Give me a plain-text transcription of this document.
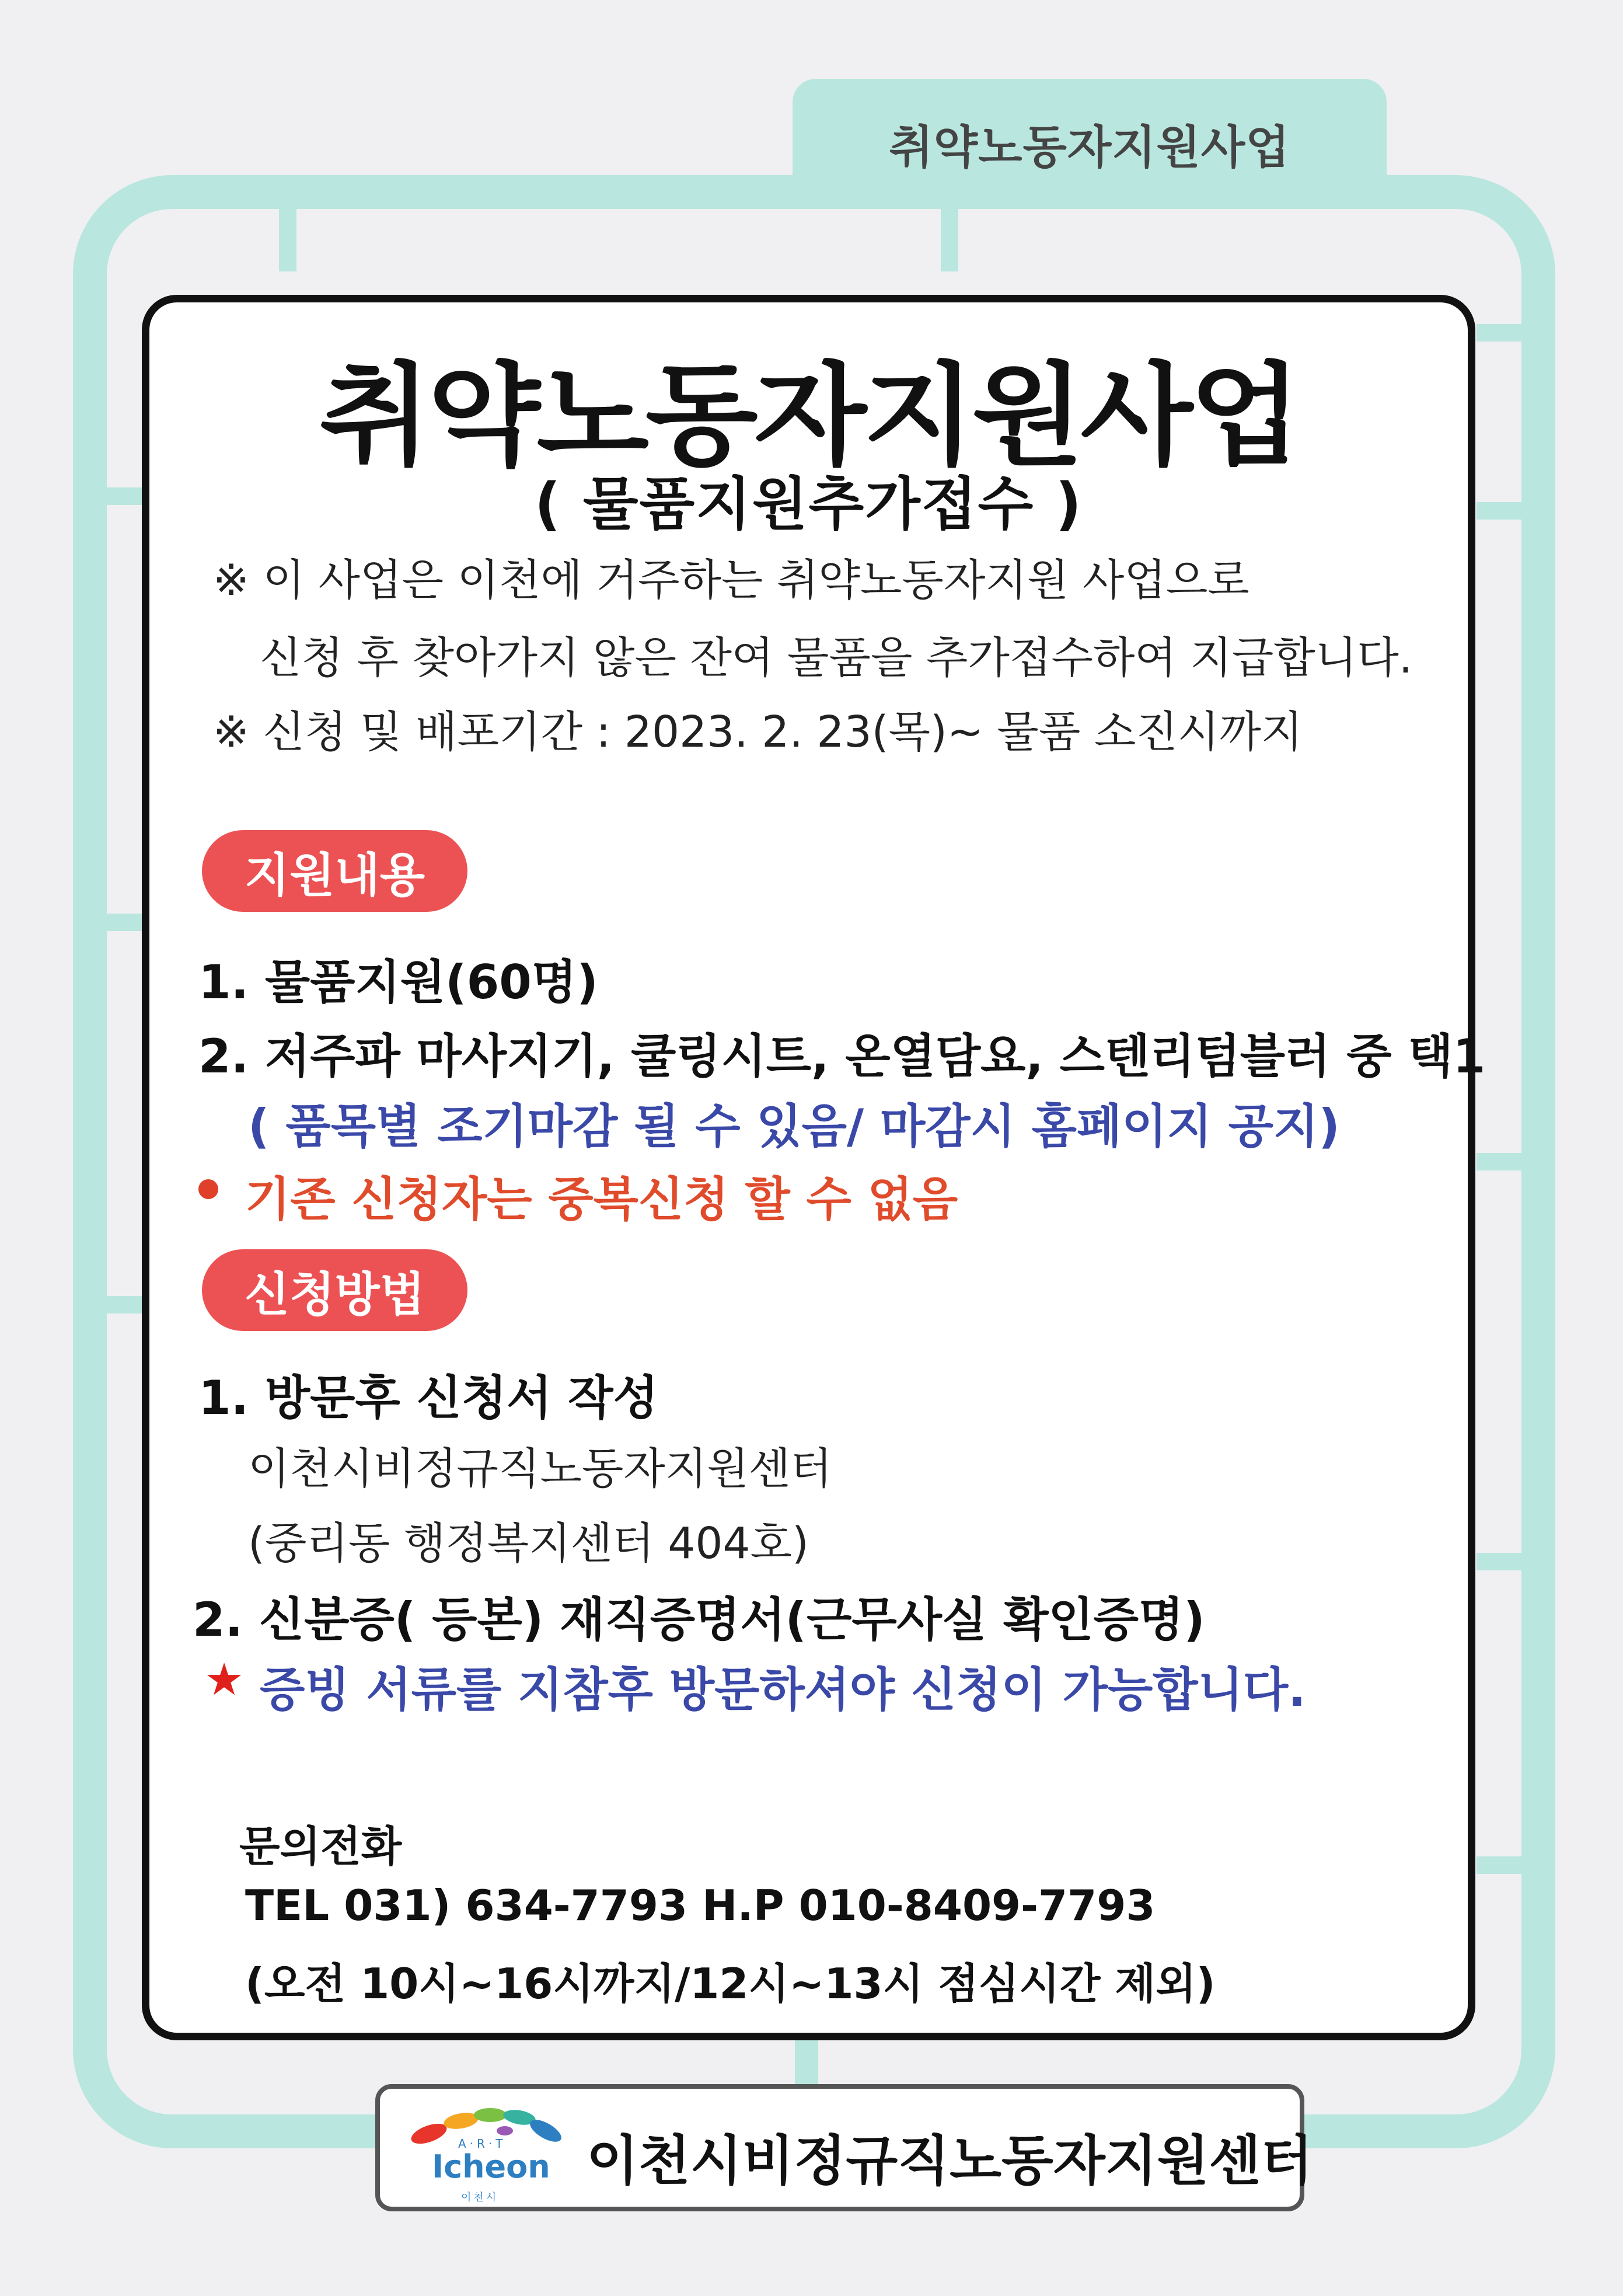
취약노동자지원사업
취약노동자지원사업
( 물품지원추가접수 )
※ 이 사업은 이천에 거주하는 취약노동자지원 사업으로
신청 후 찾아가지 않은 잔여 물품을 추가접수하여 지급합니다.
※ 신청 및 배포기간 : 2023. 2. 23(목)~ 물품 소진시까지
지원내용
1. 물품지원(60명)
2. 저주파 마사지기, 쿨링시트, 온열담요, 스텐리텀블러 중 택1
( 품목별 조기마감 될 수 있음/ 마감시 홈페이지 공지)
기존 신청자는 중복신청 할 수 없음
신청방법
1. 방문후 신청서 작성
이천시비정규직노동자지원센터
(중리동 행정복지센터 404호)
2. 신분증( 등본) 재직증명서(근무사실 확인증명)
★ 증빙 서류를 지참후 방문하셔야 신청이 가능합니다.
문의전화
TEL 031) 634-7793 H.P 010-8409-7793
(오전 10시~16시까지/12시~13시 점심시간 제외)
A·R·T
Icheon
이천시
이천시비정규직노동자지원센터
